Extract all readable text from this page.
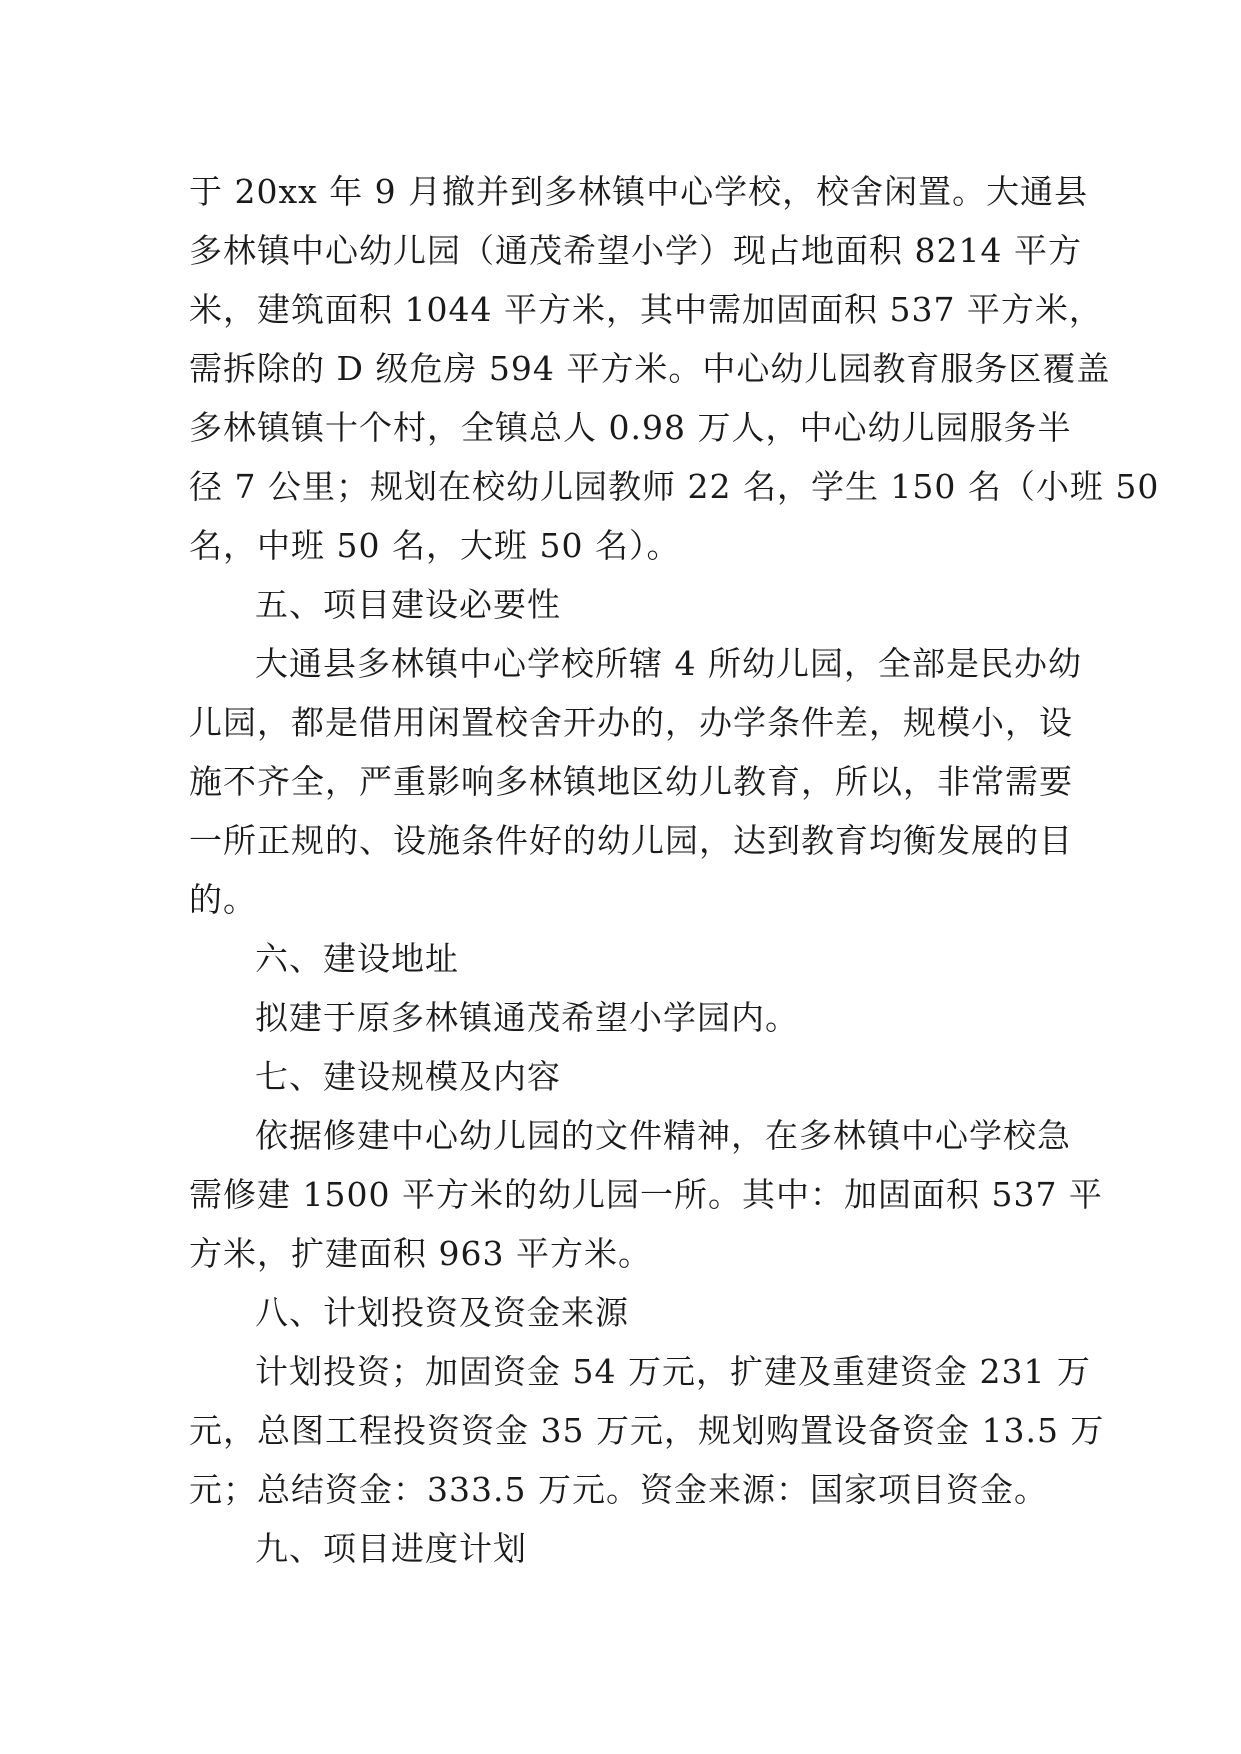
于 20xx 年 9 月撤并到多林镇中心学校，校舍闲置。大通县
多林镇中心幼儿园（通茂希望小学）现占地面积 8214 平方
米，建筑面积 1044 平方米，其中需加固面积 537 平方米，
需拆除的 D 级危房 594 平方米。中心幼儿园教育服务区覆盖
多林镇镇十个村，全镇总人 0.98 万人，中心幼儿园服务半
径 7 公里；规划在校幼儿园教师 22 名，学生 150 名（小班 50
名，中班 50 名，大班 50 名）。
五、项目建设必要性
大通县多林镇中心学校所辖 4 所幼儿园，全部是民办幼
儿园，都是借用闲置校舍开办的，办学条件差，规模小，设
施不齐全，严重影响多林镇地区幼儿教育，所以，非常需要
一所正规的、设施条件好的幼儿园，达到教育均衡发展的目
的。
六、建设地址
拟建于原多林镇通茂希望小学园内。
七、建设规模及内容
依据修建中心幼儿园的文件精神，在多林镇中心学校急
需修建 1500 平方米的幼儿园一所。其中：加固面积 537 平
方米，扩建面积 963 平方米。
八、计划投资及资金来源
计划投资；加固资金 54 万元，扩建及重建资金 231 万
元，总图工程投资资金 35 万元，规划购置设备资金 13.5 万
元；总结资金：333.5 万元。资金来源：国家项目资金。
九、项目进度计划
